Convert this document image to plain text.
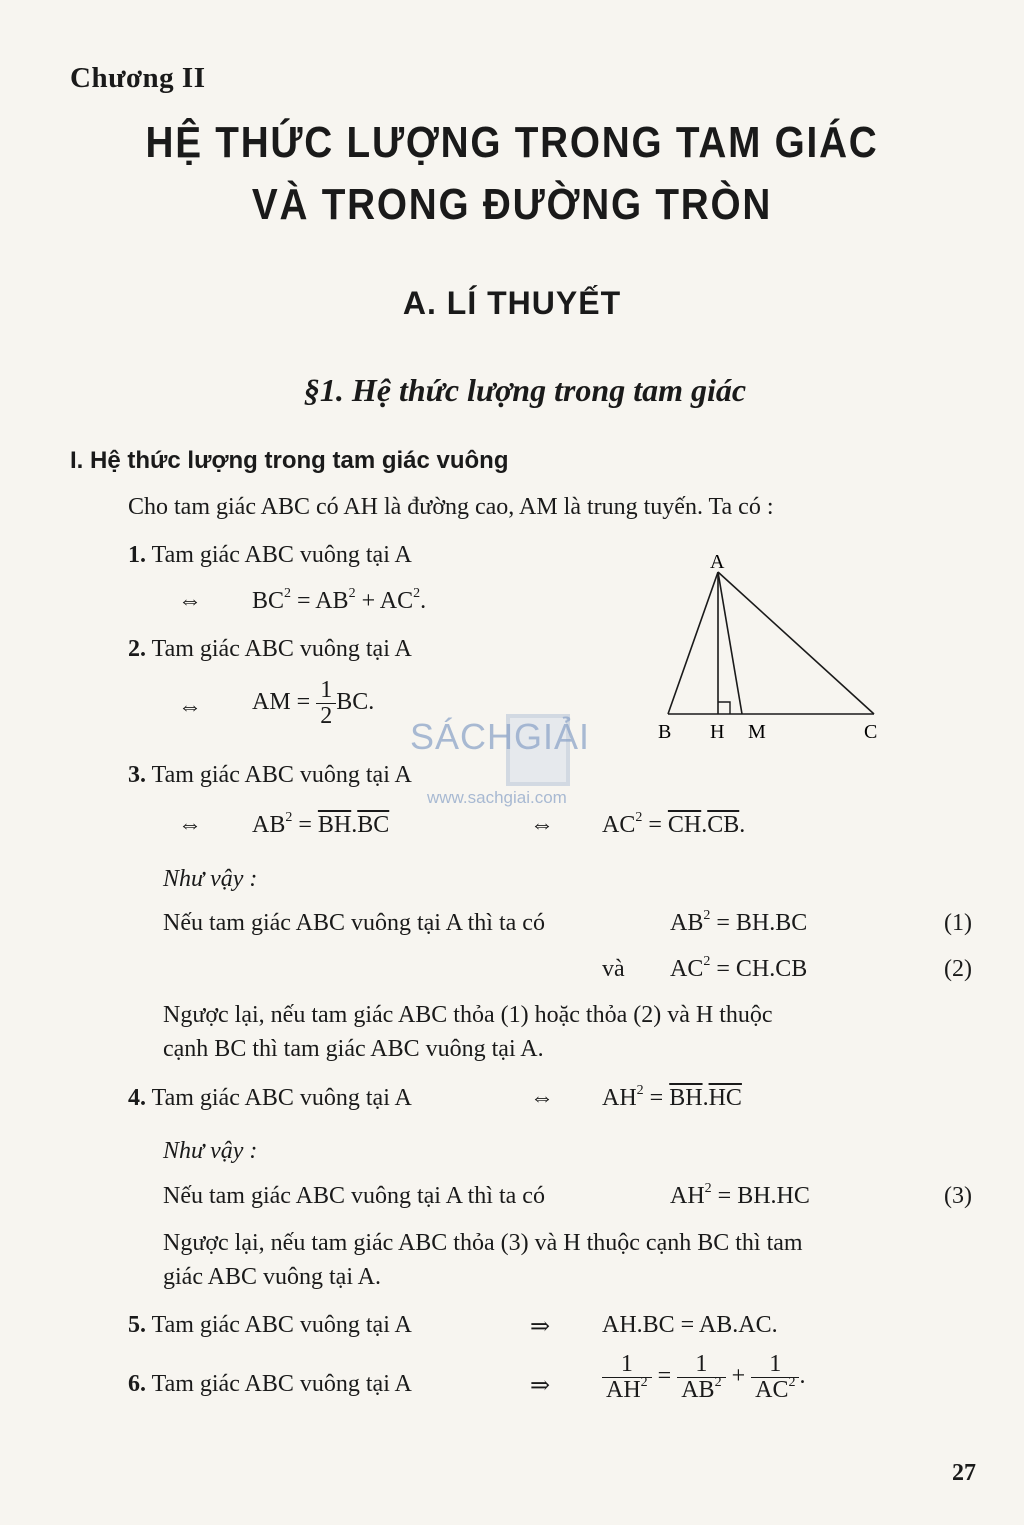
Chương II
HỆ THỨC LƯỢNG TRONG TAM GIÁC
VÀ TRONG ĐƯỜNG TRÒN
A. LÍ THUYẾT
§1. Hệ thức lượng trong tam giác
I. Hệ thức lượng trong tam giác vuông
Cho tam giác ABC có AH là đường cao, AM là trung tuyến. Ta có :
1. Tam giác ABC vuông tại A
⇔ $BC^2 = AB^2 + AC^2$.
2. Tam giác ABC vuông tại A
⇔ AM = $\frac{1}{2}$ BC.
A
B H M	C
SÁCHGIẢI
www.sachgiai.com
3. Tam giác ABC vuông tại A
⇔ $AB^2 = \overline{BH}.\overline{BC}$	⇔ $AC^2 = \overline{CH}.\overline{CB}$.
Như vậy :
Nếu tam giác ABC vuông tại A thì ta có	$AB^2 = BH.BC$	(1)
và $AC^2 = CH.CB$	(2)
Ngược lại, nếu tam giác ABC thỏa (1) hoặc thỏa (2) và H thuộc
cạnh BC thì tam giác ABC vuông tại A.
4. Tam giác ABC vuông tại A	⇔ $AH^2 = \overline{BH}.\overline{HC}$
Như vậy :
Nếu tam giác ABC vuông tại A thì ta có	$AH^2 = BH.HC$	(3)
Ngược lại, nếu tam giác ABC thỏa (3) và H thuộc cạnh BC thì tam
giác ABC vuông tại A.
5. Tam giác ABC vuông tại A	⇒ AH.BC = AB.AC.
6. Tam giác ABC vuông tại A	⇒ $\frac{1}{AH^2} = \frac{1}{AB^2} + \frac{1}{AC^2}$ .
27
